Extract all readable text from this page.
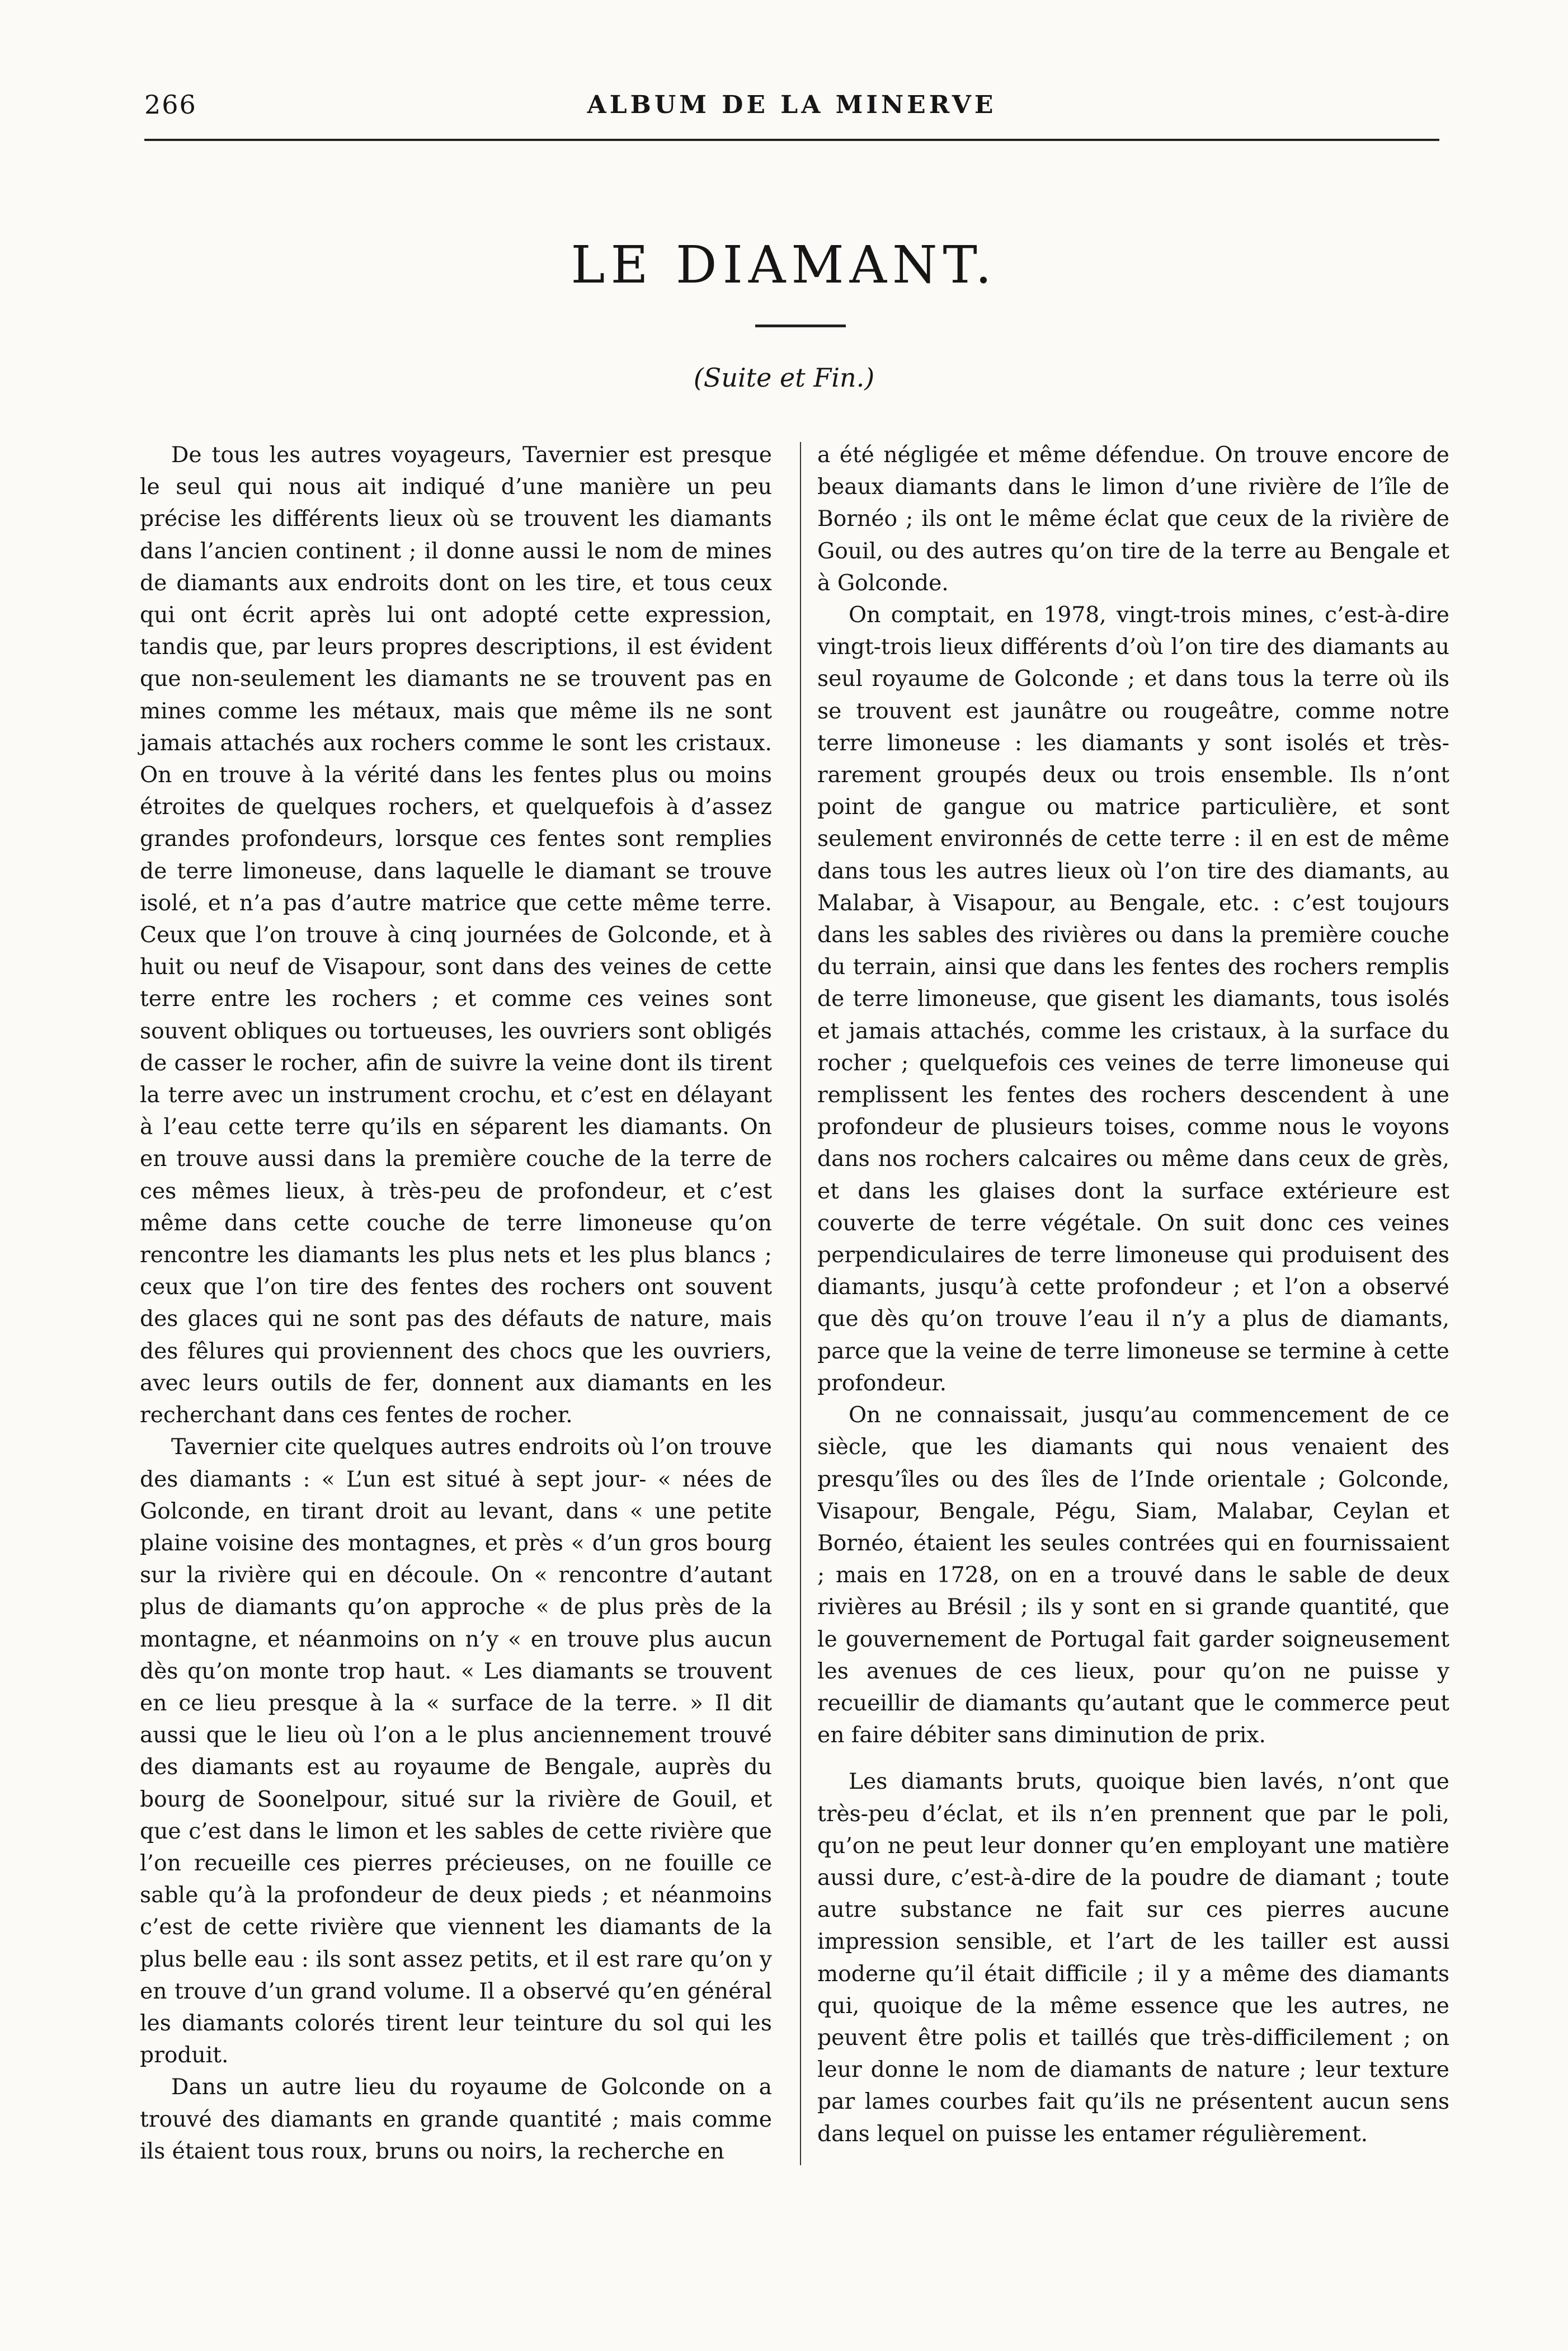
266	ALBUM DE LA MINERVE
LE DIAMANT.
(Suite et Fin.)

De tous les autres voyageurs, Tavernier est presque le seul qui nous ait indiqué d’une manière un peu précise les différents lieux où se trouvent les diamants dans l’ancien continent ; il donne aussi le nom de mines de diamants aux endroits dont on les tire, et tous ceux qui ont écrit après lui ont adopté cette expression, tandis que, par leurs propres descriptions, il est évident que non-seulement les diamants ne se trouvent pas en mines comme les métaux, mais que même ils ne sont jamais attachés aux rochers comme le sont les cristaux. On en trouve à la vérité dans les fentes plus ou moins étroites de quelques rochers, et quelquefois à d’assez grandes profondeurs, lorsque ces fentes sont remplies de terre limoneuse, dans laquelle le diamant se trouve isolé, et n’a pas d’autre matrice que cette même terre. Ceux que l’on trouve à cinq journées de Golconde, et à huit ou neuf de Visapour, sont dans des veines de cette terre entre les rochers ; et comme ces veines sont souvent obliques ou tortueuses, les ouvriers sont obligés de casser le rocher, afin de suivre la veine dont ils tirent la terre avec un instrument crochu, et c’est en délayant à l’eau cette terre qu’ils en séparent les diamants. On en trouve aussi dans la première couche de la terre de ces mêmes lieux, à très-peu de profondeur, et c’est même dans cette couche de terre limoneuse qu’on rencontre les diamants les plus nets et les plus blancs ; ceux que l’on tire des fentes des rochers ont souvent des glaces qui ne sont pas des défauts de nature, mais des fêlures qui proviennent des chocs que les ouvriers, avec leurs outils de fer, donnent aux diamants en les recherchant dans ces fentes de rocher.

Tavernier cite quelques autres endroits où l’on trouve des diamants : « L’un est situé à sept jour- « nées de Golconde, en tirant droit au levant, dans « une petite plaine voisine des montagnes, et près « d’un gros bourg sur la rivière qui en découle. On « rencontre d’autant plus de diamants qu’on approche « de plus près de la montagne, et néanmoins on n’y « en trouve plus aucun dès qu’on monte trop haut. « Les diamants se trouvent en ce lieu presque à la « surface de la terre. » Il dit aussi que le lieu où l’on a le plus anciennement trouvé des diamants est au royaume de Bengale, auprès du bourg de Soonelpour, situé sur la rivière de Gouil, et que c’est dans le limon et les sables de cette rivière que l’on recueille ces pierres précieuses, on ne fouille ce sable qu’à la profondeur de deux pieds ; et néanmoins c’est de cette rivière que viennent les diamants de la plus belle eau : ils sont assez petits, et il est rare qu’on y en trouve d’un grand volume. Il a observé qu’en général les diamants colorés tirent leur teinture du sol qui les produit.

Dans un autre lieu du royaume de Golconde on a trouvé des diamants en grande quantité ; mais comme ils étaient tous roux, bruns ou noirs, la recherche en

a été négligée et même défendue. On trouve encore de beaux diamants dans le limon d’une rivière de l’île de Bornéo ; ils ont le même éclat que ceux de la rivière de Gouil, ou des autres qu’on tire de la terre au Bengale et à Golconde.

On comptait, en 1978, vingt-trois mines, c’est-à-dire vingt-trois lieux différents d’où l’on tire des diamants au seul royaume de Golconde ; et dans tous la terre où ils se trouvent est jaunâtre ou rougeâtre, comme notre terre limoneuse : les diamants y sont isolés et très-rarement groupés deux ou trois ensemble. Ils n’ont point de gangue ou matrice particulière, et sont seulement environnés de cette terre : il en est de même dans tous les autres lieux où l’on tire des diamants, au Malabar, à Visapour, au Bengale, etc. : c’est toujours dans les sables des rivières ou dans la première couche du terrain, ainsi que dans les fentes des rochers remplis de terre limoneuse, que gisent les diamants, tous isolés et jamais attachés, comme les cristaux, à la surface du rocher ; quelquefois ces veines de terre limoneuse qui remplissent les fentes des rochers descendent à une profondeur de plusieurs toises, comme nous le voyons dans nos rochers calcaires ou même dans ceux de grès, et dans les glaises dont la surface extérieure est couverte de terre végétale. On suit donc ces veines perpendiculaires de terre limoneuse qui produisent des diamants, jusqu’à cette profondeur ; et l’on a observé que dès qu’on trouve l’eau il n’y a plus de diamants, parce que la veine de terre limoneuse se termine à cette profondeur.

On ne connaissait, jusqu’au commencement de ce siècle, que les diamants qui nous venaient des presqu’îles ou des îles de l’Inde orientale ; Golconde, Visapour, Bengale, Pégu, Siam, Malabar, Ceylan et Bornéo, étaient les seules contrées qui en fournissaient ; mais en 1728, on en a trouvé dans le sable de deux rivières au Brésil ; ils y sont en si grande quantité, que le gouvernement de Portugal fait garder soigneusement les avenues de ces lieux, pour qu’on ne puisse y recueillir de diamants qu’autant que le commerce peut en faire débiter sans diminution de prix.

Les diamants bruts, quoique bien lavés, n’ont que très-peu d’éclat, et ils n’en prennent que par le poli, qu’on ne peut leur donner qu’en employant une matière aussi dure, c’est-à-dire de la poudre de diamant ; toute autre substance ne fait sur ces pierres aucune impression sensible, et l’art de les tailler est aussi moderne qu’il était difficile ; il y a même des diamants qui, quoique de la même essence que les autres, ne peuvent être polis et taillés que très-difficilement ; on leur donne le nom de diamants de nature ; leur texture par lames courbes fait qu’ils ne présentent aucun sens dans lequel on puisse les entamer régulièrement.
